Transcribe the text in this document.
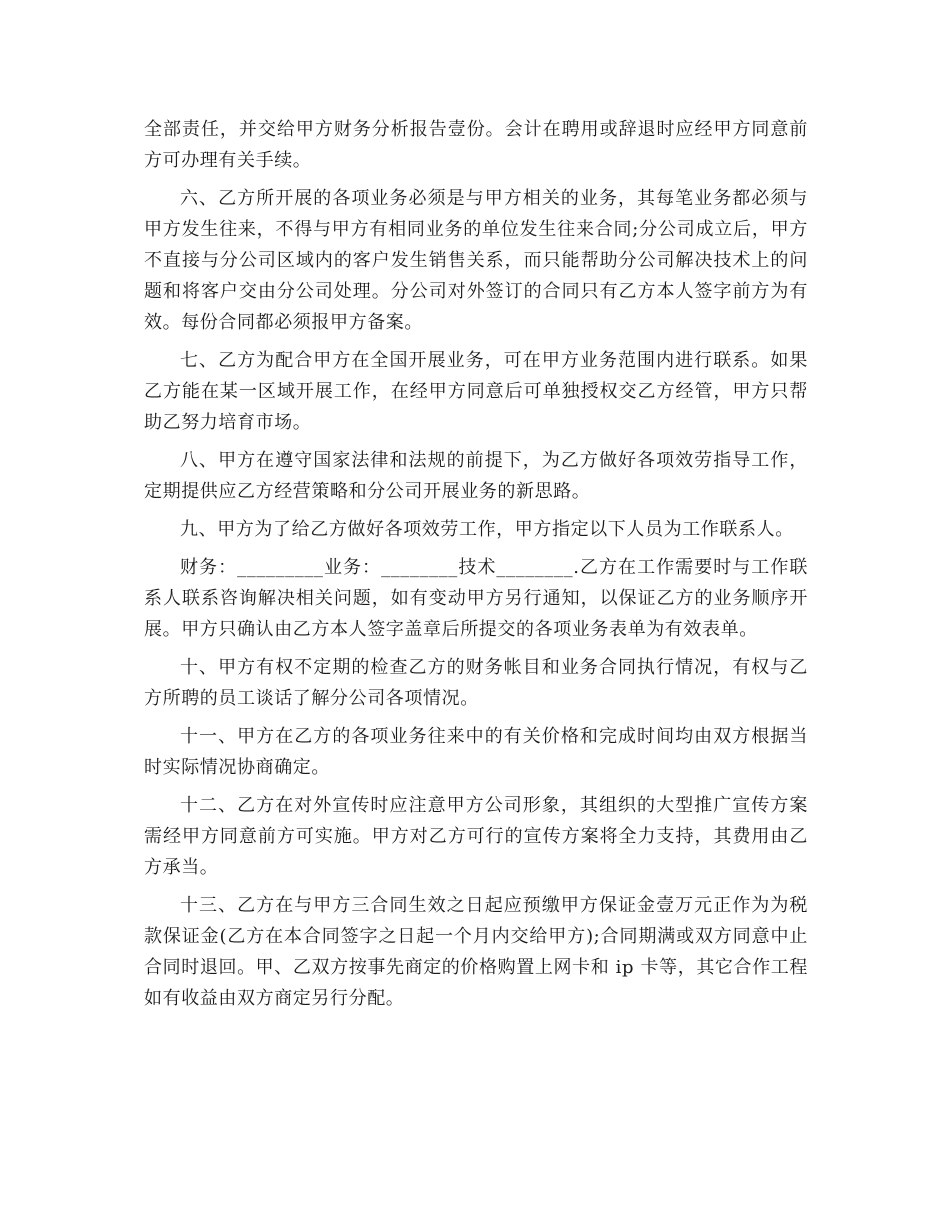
全部责任，并交给甲方财务分析报告壹份。会计在聘用或辞退时应经甲方同意前方可办理有关手续。

六、乙方所开展的各项业务必须是与甲方相关的业务，其每笔业务都必须与甲方发生往来，不得与甲方有相同业务的单位发生往来合同;分公司成立后，甲方不直接与分公司区域内的客户发生销售关系，而只能帮助分公司解决技术上的问题和将客户交由分公司处理。分公司对外签订的合同只有乙方本人签字前方为有效。每份合同都必须报甲方备案。

七、乙方为配合甲方在全国开展业务，可在甲方业务范围内进行联系。如果乙方能在某一区域开展工作，在经甲方同意后可单独授权交乙方经管，甲方只帮助乙努力培育市场。

八、甲方在遵守国家法律和法规的前提下，为乙方做好各项效劳指导工作，定期提供应乙方经营策略和分公司开展业务的新思路。

九、甲方为了给乙方做好各项效劳工作，甲方指定以下人员为工作联系人。

财务：_________业务：________技术________.乙方在工作需要时与工作联系人联系咨询解决相关问题，如有变动甲方另行通知，以保证乙方的业务顺序开展。甲方只确认由乙方本人签字盖章后所提交的各项业务表单为有效表单。

十、甲方有权不定期的检查乙方的财务帐目和业务合同执行情况，有权与乙方所聘的员工谈话了解分公司各项情况。

十一、甲方在乙方的各项业务往来中的有关价格和完成时间均由双方根据当时实际情况协商确定。

十二、乙方在对外宣传时应注意甲方公司形象，其组织的大型推广宣传方案需经甲方同意前方可实施。甲方对乙方可行的宣传方案将全力支持，其费用由乙方承当。

十三、乙方在与甲方三合同生效之日起应预缴甲方保证金壹万元正作为为税款保证金(乙方在本合同签字之日起一个月内交给甲方);合同期满或双方同意中止合同时退回。甲、乙双方按事先商定的价格购置上网卡和 ip 卡等，其它合作工程如有收益由双方商定另行分配。
